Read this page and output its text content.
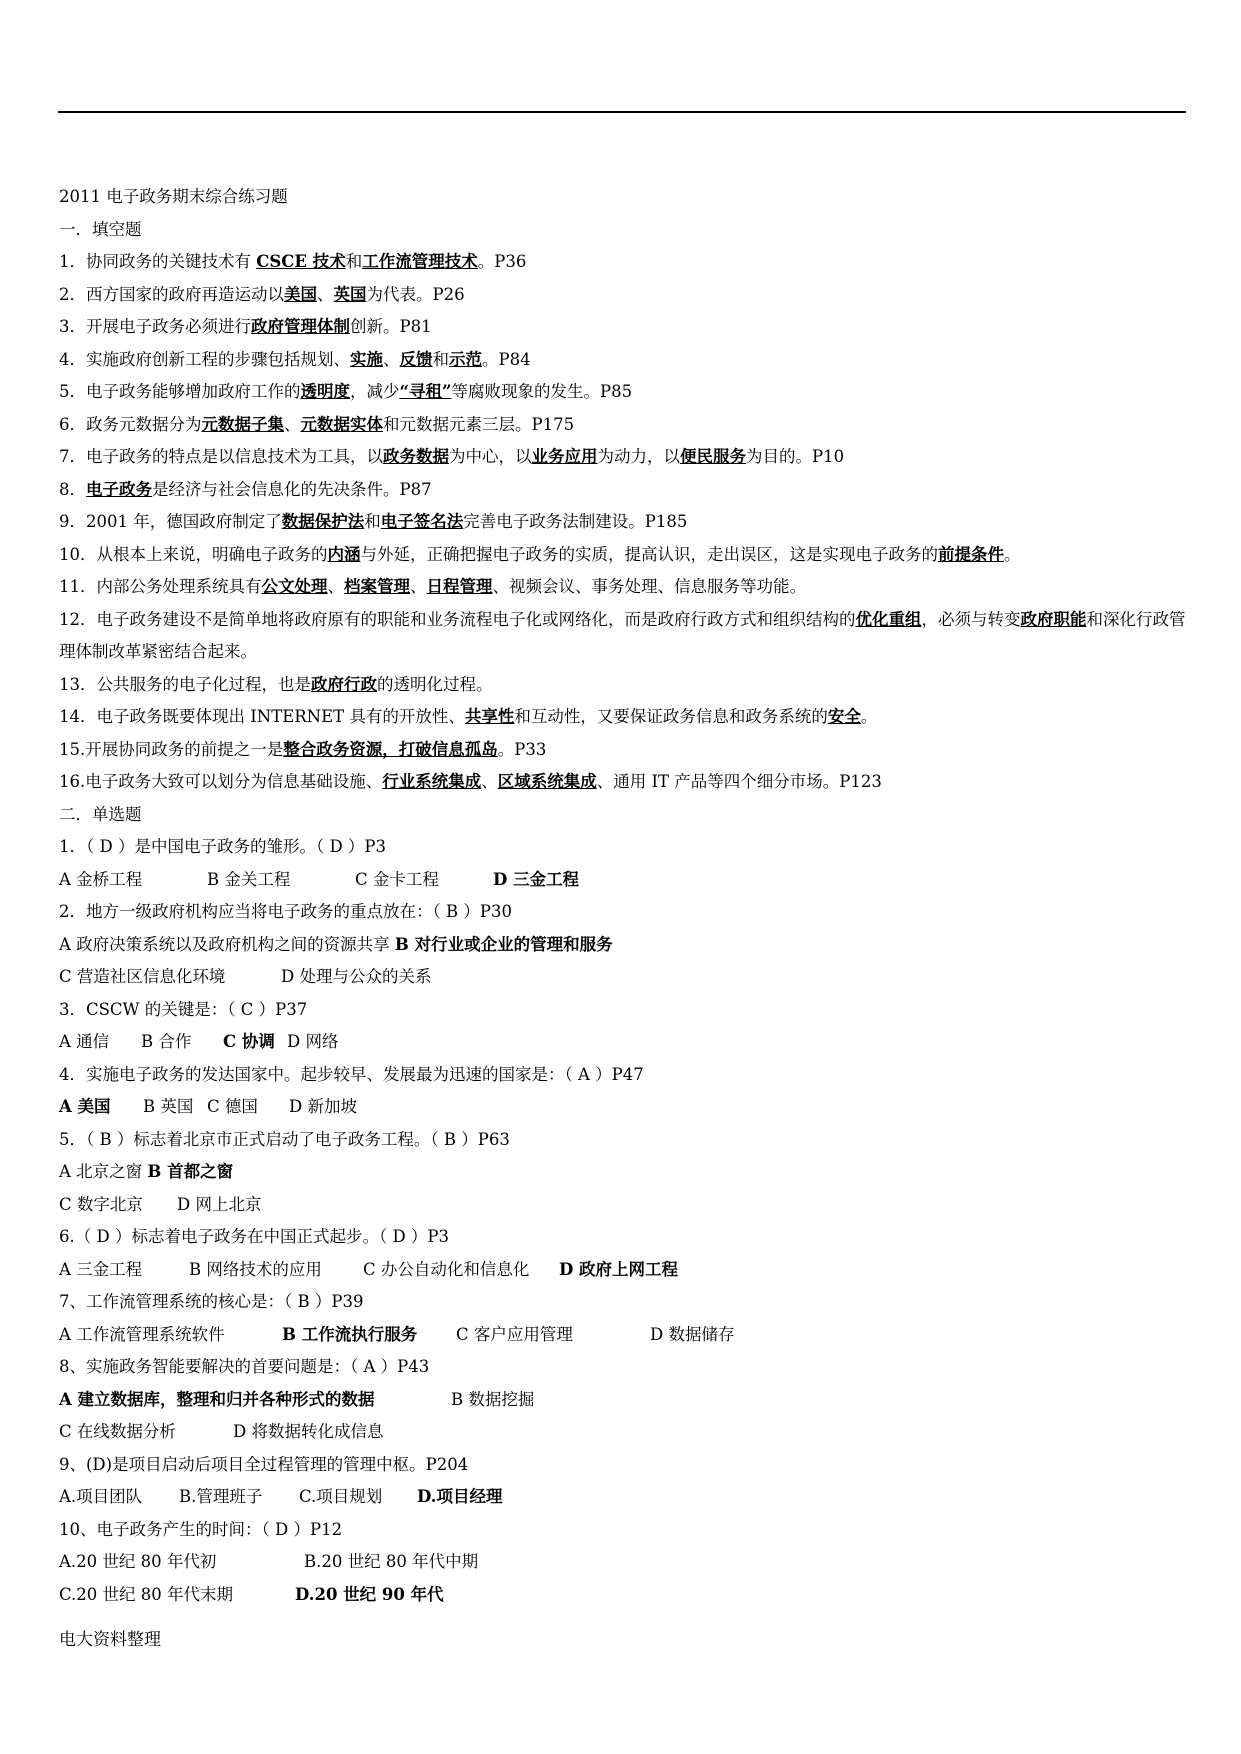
2011 电子政务期末综合练习题
一．填空题
1．协同政务的关键技术有 CSCE 技术和工作流管理技术。P36
2．西方国家的政府再造运动以美国、英国为代表。P26
3．开展电子政务必须进行政府管理体制创新。P81
4．实施政府创新工程的步骤包括规划、实施、反馈和示范。P84
5．电子政务能够增加政府工作的透明度，减少“寻租”等腐败现象的发生。P85
6．政务元数据分为元数据子集、元数据实体和元数据元素三层。P175
7．电子政务的特点是以信息技术为工具，以政务数据为中心，以业务应用为动力，以便民服务为目的。P10
8．电子政务是经济与社会信息化的先决条件。P87
9．2001 年，德国政府制定了数据保护法和电子签名法完善电子政务法制建设。P185
10．从根本上来说，明确电子政务的内涵与外延，正确把握电子政务的实质，提高认识，走出误区，这是实现电子政务的前提条件。
11．内部公务处理系统具有公文处理、档案管理、日程管理、视频会议、事务处理、信息服务等功能。
12．电子政务建设不是简单地将政府原有的职能和业务流程电子化或网络化，而是政府行政方式和组织结构的优化重组，必须与转变政府职能和深化行政管理体制改革紧密结合起来。
13．公共服务的电子化过程，也是政府行政的透明化过程。
14．电子政务既要体现出 INTERNET 具有的开放性、共享性和互动性，又要保证政务信息和政务系统的安全。
15.开展协同政务的前提之一是整合政务资源，打破信息孤岛。P33
16.电子政务大致可以划分为信息基础设施、行业系统集成、区域系统集成、通用 IT 产品等四个细分市场。P123
二．单选题
1．（ D ）是中国电子政务的雏形。（ D ）P3
A 金桥工程	B 金关工程	C 金卡工程	D 三金工程
2．地方一级政府机构应当将电子政务的重点放在：（ B ）P30
A 政府决策系统以及政府机构之间的资源共享 B 对行业或企业的管理和服务
C 营造社区信息化环境	D 处理与公众的关系
3．CSCW 的关键是：（ C ）P37
A 通信 B 合作 C 协调 D 网络
4．实施电子政务的发达国家中。起步较早、发展最为迅速的国家是：（ A ）P47
A 美国 B 英国 C 德国 D 新加坡
5．（ B ）标志着北京市正式启动了电子政务工程。（ B ）P63
A 北京之窗 B 首都之窗
C 数字北京 D 网上北京
6.（ D ）标志着电子政务在中国正式起步。（ D ）P3
A 三金工程	B 网络技术的应用 C 办公自动化和信息化D 政府上网工程
7、工作流管理系统的核心是：（ B ）P39
A 工作流管理系统软件	B 工作流执行服务 C 客户应用管理	D 数据储存
8、实施政务智能要解决的首要问题是：（ A ）P43
A 建立数据库，整理和归并各种形式的数据	B 数据挖掘
C 在线数据分析	D 将数据转化成信息
9、(D)是项目启动后项目全过程管理的管理中枢。P204
A.项目团队 B.管理班子 C.项目规划 D.项目经理
10、电子政务产生的时间：（ D ）P12
A.20 世纪 80 年代初	B.20 世纪 80 年代中期
C.20 世纪 80 年代末期	D.20 世纪 90 年代
电大资料整理
